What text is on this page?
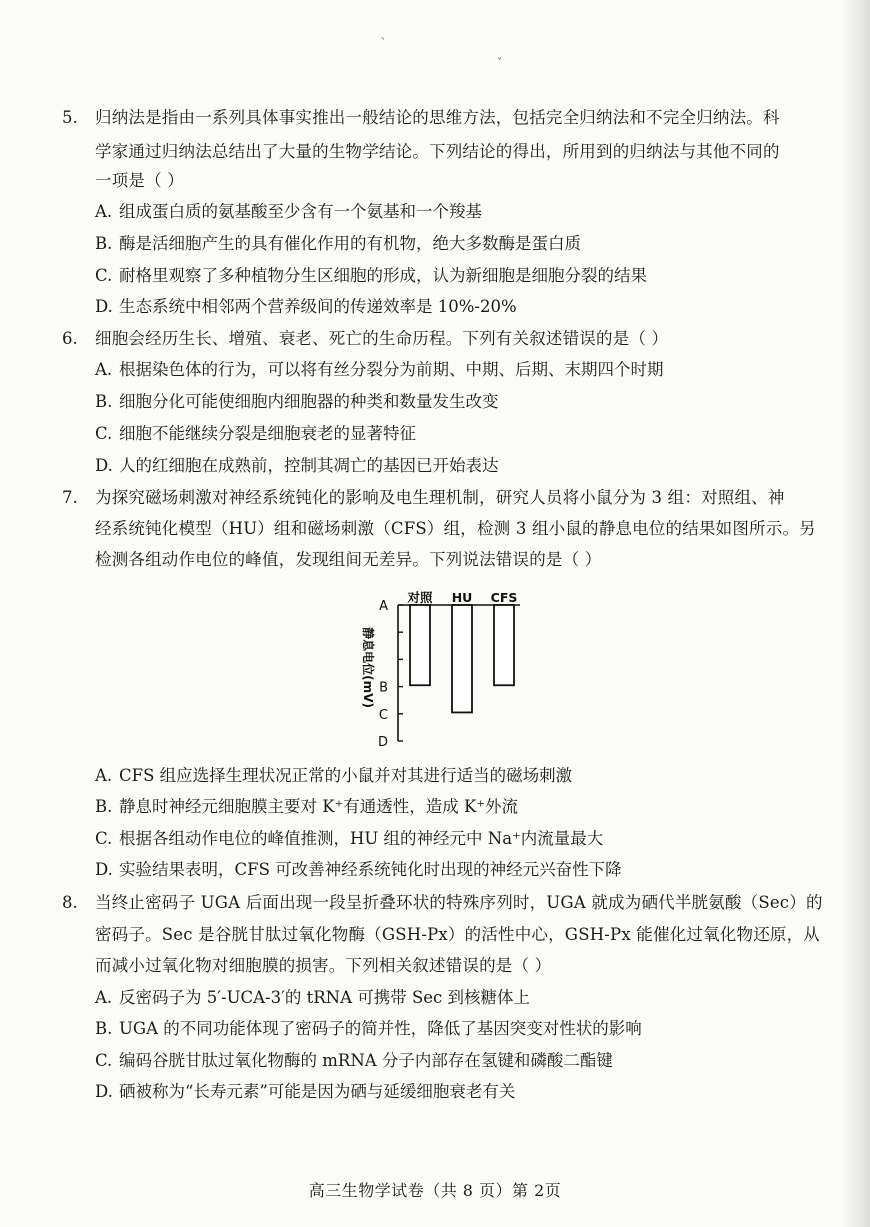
`
ˇ
5. 归纳法是指由一系列具体事实推出一般结论的思维方法，包括完全归纳法和不完全归纳法。科
学家通过归纳法总结出了大量的生物学结论。下列结论的得出，所用到的归纳法与其他不同的
一项是（ ）
A. 组成蛋白质的氨基酸至少含有一个氨基和一个羧基
B. 酶是活细胞产生的具有催化作用的有机物，绝大多数酶是蛋白质
C. 耐格里观察了多种植物分生区细胞的形成，认为新细胞是细胞分裂的结果
D. 生态系统中相邻两个营养级间的传递效率是 10%-20%
6. 细胞会经历生长、增殖、衰老、死亡的生命历程。下列有关叙述错误的是（ ）
A. 根据染色体的行为，可以将有丝分裂分为前期、中期、后期、末期四个时期
B. 细胞分化可能使细胞内细胞器的种类和数量发生改变
C. 细胞不能继续分裂是细胞衰老的显著特征
D. 人的红细胞在成熟前，控制其凋亡的基因已开始表达
7. 为探究磁场刺激对神经系统钝化的影响及电生理机制，研究人员将小鼠分为 3 组：对照组、神
经系统钝化模型（HU）组和磁场刺激（CFS）组，检测 3 组小鼠的静息电位的结果如图所示。另
检测各组动作电位的峰值，发现组间无差异。下列说法错误的是（ ）
A
B
C
D
静息电位(mV)
对照 HU CFS
A. CFS 组应选择生理状况正常的小鼠并对其进行适当的磁场刺激
B. 静息时神经元细胞膜主要对 K⁺有通透性，造成 K⁺外流
C. 根据各组动作电位的峰值推测，HU 组的神经元中 Na⁺内流量最大
D. 实验结果表明，CFS 可改善神经系统钝化时出现的神经元兴奋性下降
8. 当终止密码子 UGA 后面出现一段呈折叠环状的特殊序列时，UGA 就成为硒代半胱氨酸（Sec）的
密码子。Sec 是谷胱甘肽过氧化物酶（GSH-Px）的活性中心，GSH-Px 能催化过氧化物还原，从
而减小过氧化物对细胞膜的损害。下列相关叙述错误的是（ ）
A. 反密码子为 5′-UCA-3′的 tRNA 可携带 Sec 到核糖体上
B. UGA 的不同功能体现了密码子的简并性，降低了基因突变对性状的影响
C. 编码谷胱甘肽过氧化物酶的 mRNA 分子内部存在氢键和磷酸二酯键
D. 硒被称为“长寿元素”可能是因为硒与延缓细胞衰老有关
高三生物学试卷（共 8 页）第 2页
